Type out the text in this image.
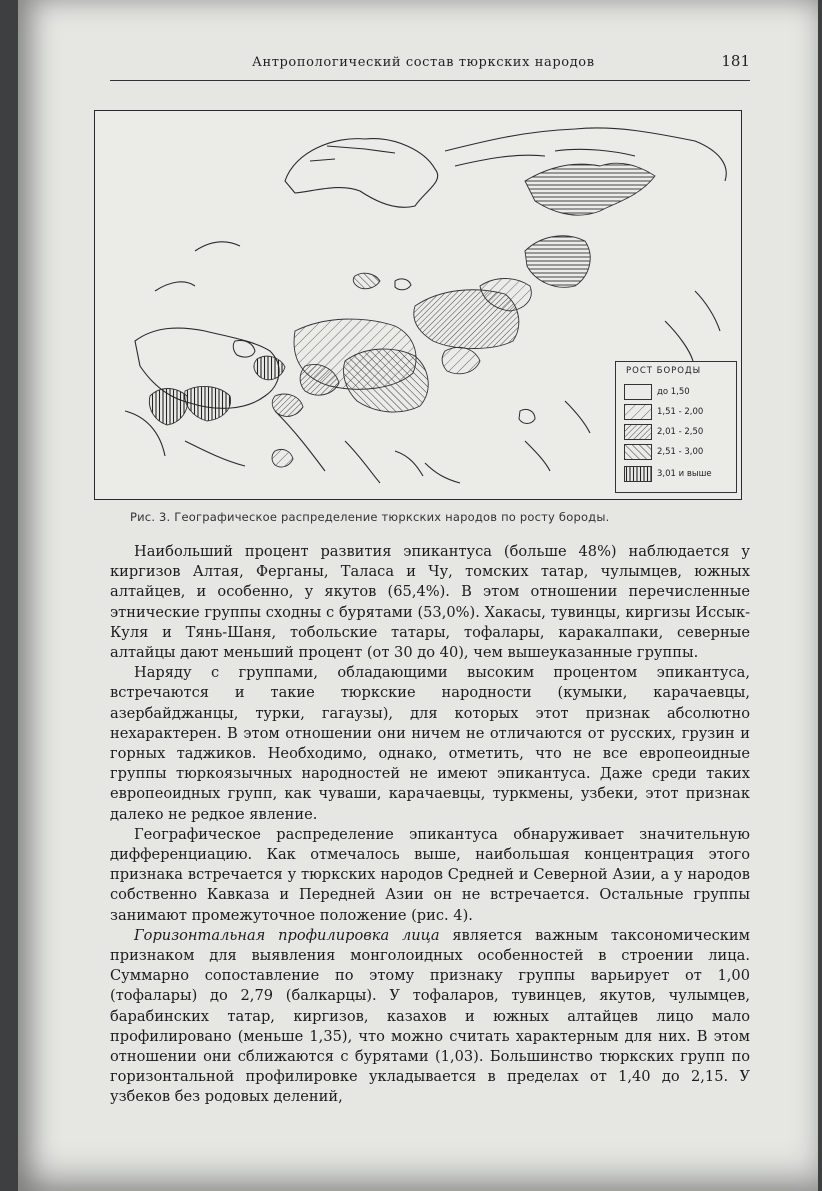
Антропологический состав тюркских народов	181
РОСТ БОРОДЫ
до 1,50
1,51 - 2,00
2,01 - 2,50
2,51 - 3,00
3,01 и выше
Рис. 3. Географическое распределение тюркских народов по росту бороды.

Наибольший процент развития эпикантуса (больше 48%) наблюдается у киргизов Алтая, Ферганы, Таласа и Чу, томских татар, чулымцев, южных алтайцев, и особенно, у якутов (65,4%). В этом отношении перечисленные этнические группы сходны с бурятами (53,0%). Хакасы, тувинцы, киргизы Иссык-Куля и Тянь-Шаня, тобольские татары, тофалары, каракалпаки, северные алтайцы дают меньший процент (от 30 до 40), чем вышеуказанные группы.

Наряду с группами, обладающими высоким процентом эпикантуса, встречаются и такие тюркские народности (кумыки, карачаевцы, азербайджанцы, турки, гагаузы), для которых этот признак абсолютно нехарактерен. В этом отношении они ничем не отличаются от русских, грузин и горных таджиков. Необходимо, однако, отметить, что не все европеоидные группы тюркоязычных народностей не имеют эпикантуса. Даже среди таких европеоидных групп, как чуваши, карачаевцы, туркмены, узбеки, этот признак далеко не редкое явление.

Географическое распределение эпикантуса обнаруживает значительную дифференциацию. Как отмечалось выше, наибольшая концентрация этого признака встречается у тюркских народов Средней и Северной Азии, а у народов собственно Кавказа и Передней Азии он не встречается. Остальные группы занимают промежуточное положение (рис. 4).

Горизонтальная профилировка лица является важным таксономическим признаком для выявления монголоидных особенностей в строении лица. Суммарно сопоставление по этому признаку группы варьирует от 1,00 (тофалары) до 2,79 (балкарцы). У тофаларов, тувинцев, якутов, чулымцев, барабинских татар, киргизов, казахов и южных алтайцев лицо мало профилировано (меньше 1,35), что можно считать характерным для них. В этом отношении они сближаются с бурятами (1,03). Большинство тюркских групп по горизонтальной профилировке укладывается в пределах от 1,40 до 2,15. У узбеков без родовых делений,
